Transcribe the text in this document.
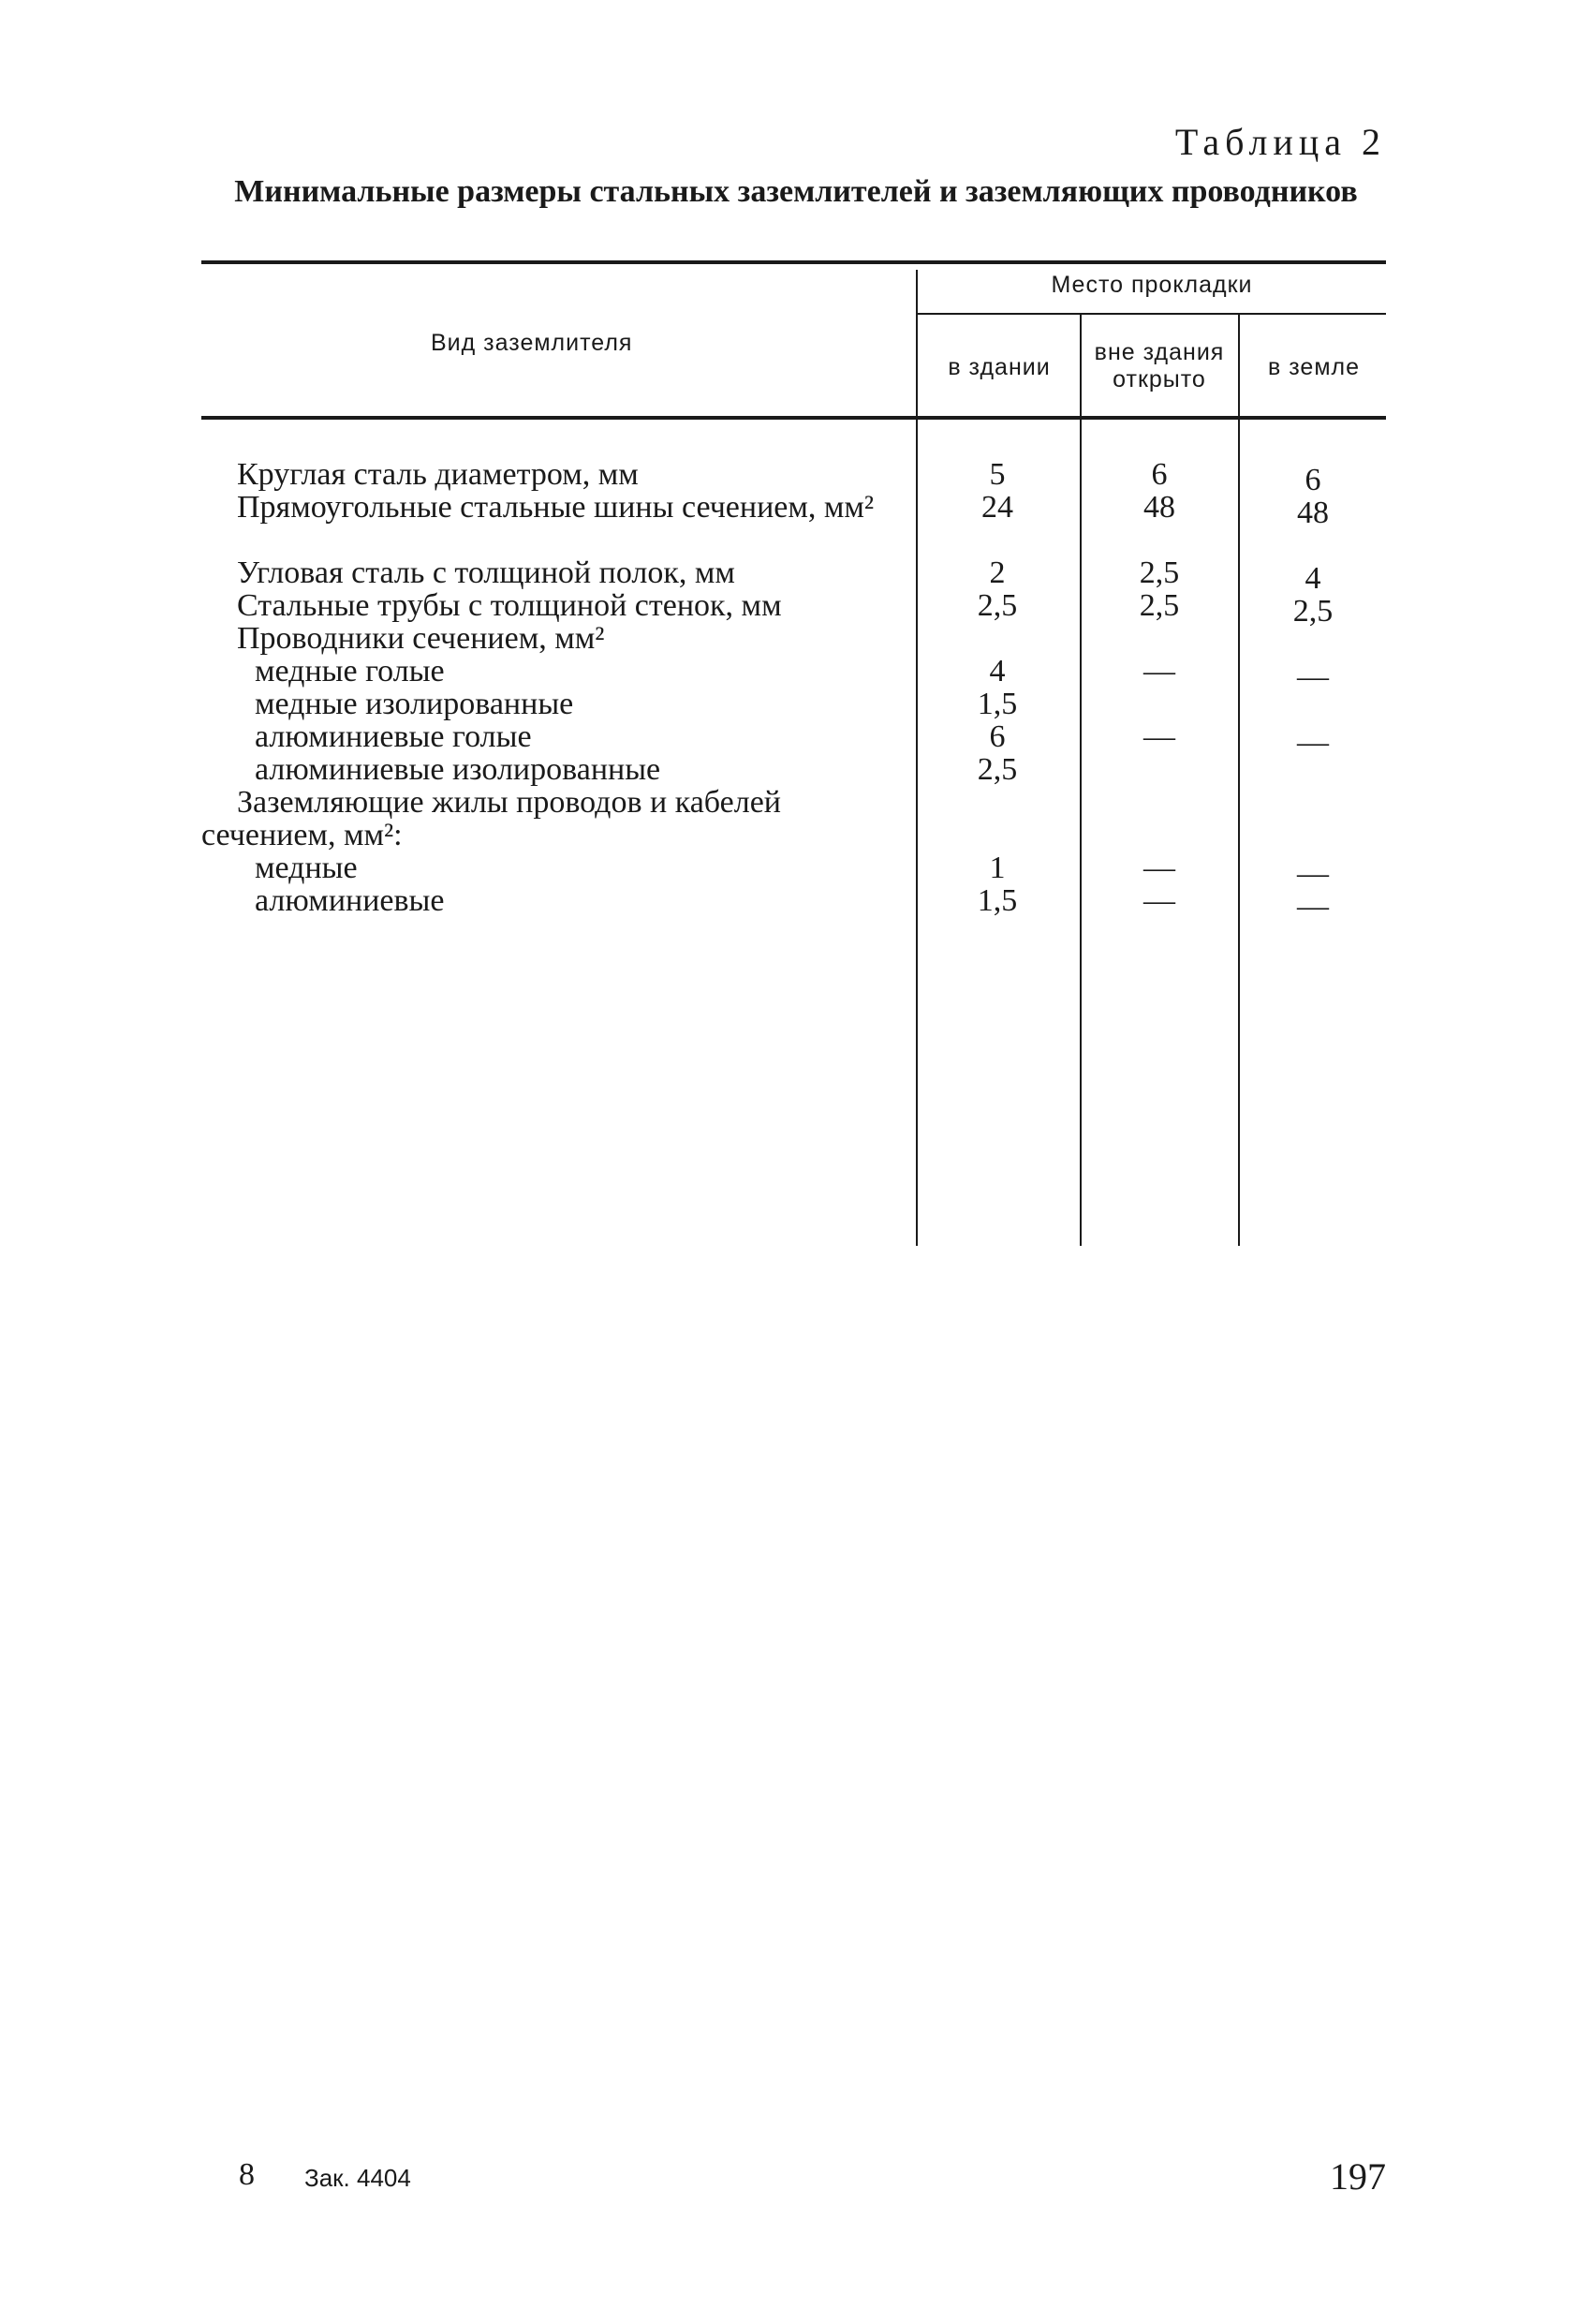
Таблица 2
Минимальные размеры стальных заземлителей и заземляющих проводников
Вид заземлителя
Место прокладки
в здании
вне здания открыто	в земле
Круглая сталь диаметром, мм
Прямоугольные стальные шины сечением, мм²
Угловая сталь с толщиной полок, мм
Стальные трубы с толщиной стенок, мм
Проводники сечением, мм²
медные голые
медные изолированные
алюминиевые голые
алюминиевые изолированные
Заземляющие жилы проводов и кабелей сечением, мм²:
медные
алюминиевые
5
24
2
2,5
4
1,5
6
2,5
1
1,5
6
48
2,5
2,5
—
—
—
—
6
48
4
2,5
—
—
—
—
8 Зак. 4404	197
